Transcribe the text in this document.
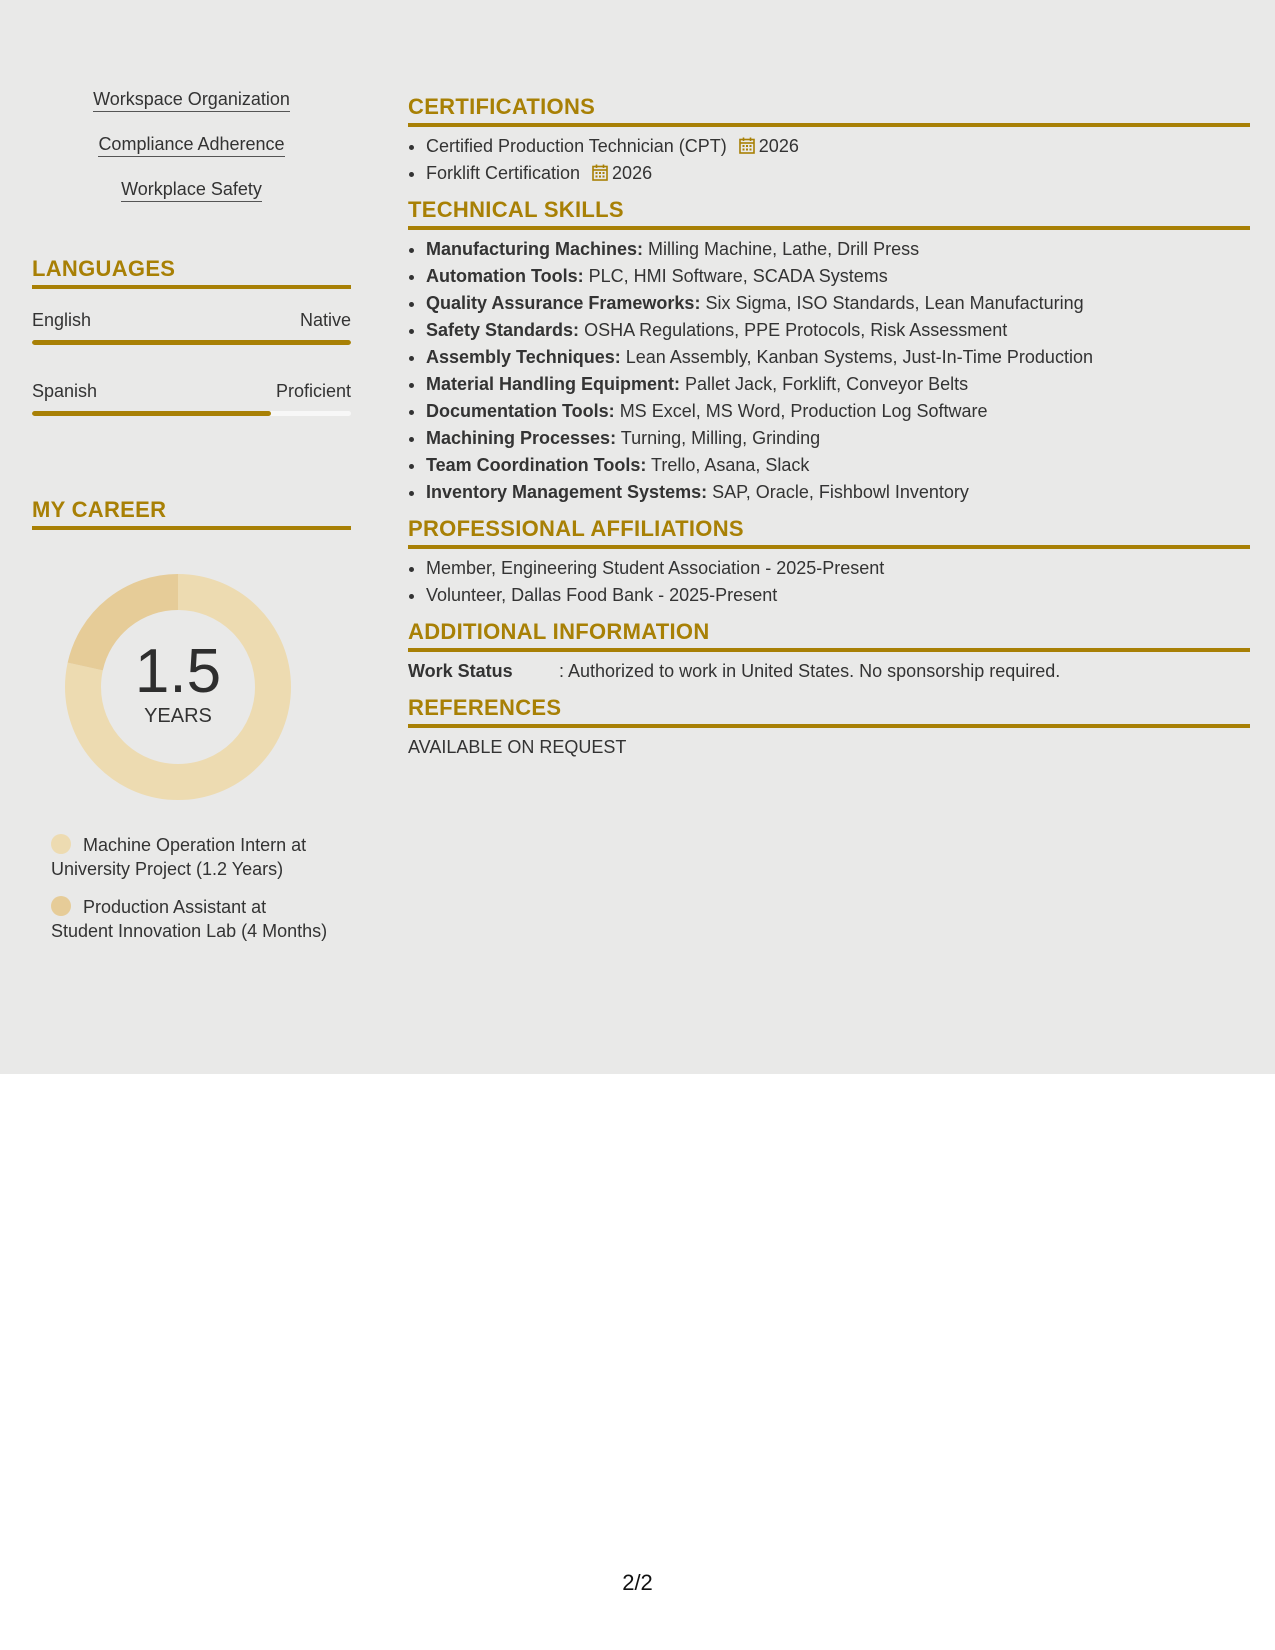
Workspace Organization
Compliance Adherence
Workplace Safety
LANGUAGES
English	Native
Spanish	Proficient
MY CAREER
1.5
YEARS
Machine Operation Intern at University Project (1.2 Years)
Production Assistant at Student Innovation Lab (4 Months)
CERTIFICATIONS
• Certified Production Technician (CPT) 2026
• Forklift Certification 2026
TECHNICAL SKILLS
• Manufacturing Machines: Milling Machine, Lathe, Drill Press
• Automation Tools: PLC, HMI Software, SCADA Systems
• Quality Assurance Frameworks: Six Sigma, ISO Standards, Lean Manufacturing
• Safety Standards: OSHA Regulations, PPE Protocols, Risk Assessment
• Assembly Techniques: Lean Assembly, Kanban Systems, Just-In-Time Production
• Material Handling Equipment: Pallet Jack, Forklift, Conveyor Belts
• Documentation Tools: MS Excel, MS Word, Production Log Software
• Machining Processes: Turning, Milling, Grinding
• Team Coordination Tools: Trello, Asana, Slack
• Inventory Management Systems: SAP, Oracle, Fishbowl Inventory
PROFESSIONAL AFFILIATIONS
• Member, Engineering Student Association - 2025-Present
• Volunteer, Dallas Food Bank - 2025-Present
ADDITIONAL INFORMATION
Work Status	: Authorized to work in United States. No sponsorship required.
REFERENCES
AVAILABLE ON REQUEST
2/2
